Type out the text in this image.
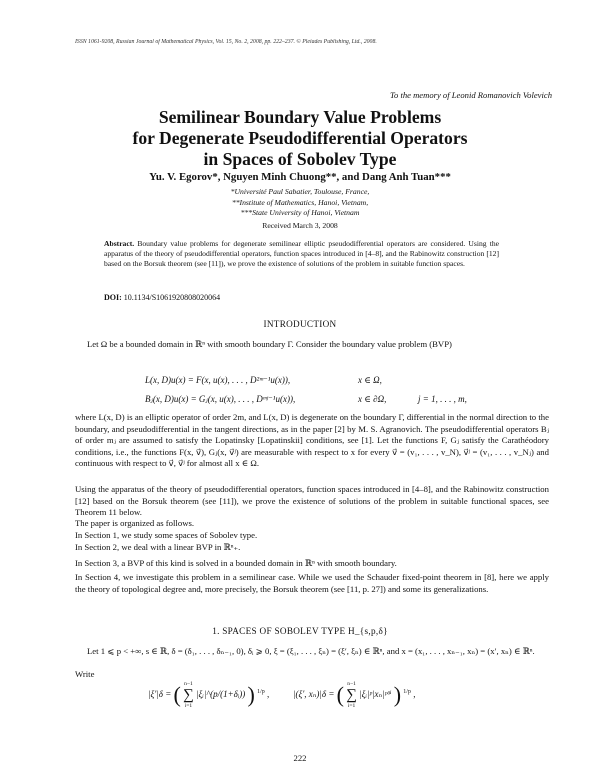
ISSN 1061-9208, Russian Journal of Mathematical Physics, Vol. 15, No. 2, 2008, pp. 222–237. © Pleiades Publishing, Ltd., 2008.
To the memory of Leonid Romanovich Volevich
Semilinear Boundary Value Problems
for Degenerate Pseudodifferential Operators
in Spaces of Sobolev Type
Yu. V. Egorov*, Nguyen Minh Chuong**, and Dang Anh Tuan***
*Université Paul Sabatier, Toulouse, France,
**Institute of Mathematics, Hanoi, Vietnam,
***State University of Hanoi, Vietnam
Received March 3, 2008
Abstract. Boundary value problems for degenerate semilinear elliptic pseudodifferential operators are considered. Using the apparatus of the theory of pseudodifferential operators, function spaces introduced in [4–8], and the Rabinowitz construction [12] based on the Borsuk theorem (see [11]), we prove the existence of solutions of the problem in suitable function spaces.
DOI: 10.1134/S1061920808020064
INTRODUCTION
Let Ω be a bounded domain in ℝⁿ with smooth boundary Γ. Consider the boundary value problem (BVP)
L(x, D)u(x) = F(x, u(x), . . . , D²ᵐ⁻¹u(x)),	x ∈ Ω,
Bⱼ(x, D)u(x) = Gⱼ(x, u(x), . . . , Dᵐʲ⁻¹u(x)),	x ∈ ∂Ω,	j = 1, . . . , m,
where L(x, D) is an elliptic operator of order 2m, and L(x, D) is degenerate on the boundary Γ, differential in the normal direction to the boundary, and pseudodifferential in the tangent directions, as in the paper [2] by M. S. Agranovich. The pseudodifferential operators Bⱼ of order mⱼ are assumed to satisfy the Lopatinsky [Lopatinskii] conditions, see [1]. Let the functions F, Gⱼ satisfy the Carathéodory conditions, i.e., the functions F(x, v⃗), Gⱼ(x, v⃗ʲ) are measurable with respect to x for every v⃗ = (v₁, . . . , v_N), v⃗ʲ = (v₁, . . . , v_Nⱼ) and continuous with respect to v⃗, v⃗ʲ for almost all x ∈ Ω.
Using the apparatus of the theory of pseudodifferential operators, function spaces introduced in [4–8], and the Rabinowitz construction [12] based on the Borsuk theorem (see [11]), we prove the existence of solutions of the problem in suitable functional spaces, see Theorem 11 below.
The paper is organized as follows.
In Section 1, we study some spaces of Sobolev type.
In Section 2, we deal with a linear BVP in ℝⁿ₊.
In Section 3, a BVP of this kind is solved in a bounded domain in ℝⁿ with smooth boundary.
In Section 4, we investigate this problem in a semilinear case. While we used the Schauder fixed-point theorem in [8], here we apply the theory of topological degree and, more precisely, the Borsuk theorem (see [11, p. 27]) and some its generalizations.
1. SPACES OF SOBOLEV TYPE H_{s,p,δ}
Let 1 ⩽ p < +∞, s ∈ ℝ, δ = (δ₁, . . . , δₙ₋₁, 0), δᵢ ⩾ 0, ξ = (ξ₁, . . . , ξₙ) = (ξ′, ξₙ) ∈ ℝⁿ, and x = (x₁, . . . , xₙ₋₁, xₙ) = (x′, xₙ) ∈ ℝⁿ.
Write
|ξ′|δ = ( n−1
∑
i=1
|ξᵢ|^(p/(1+δᵢ)) ) $^{1/p}$ ,	|(ξ′, xₙ)|δ = ( n−1
∑
i=1
|ξᵢ|ᵖ|xₙ|ᵖᵟⁱ ) $^{1/p}$ ,
222
